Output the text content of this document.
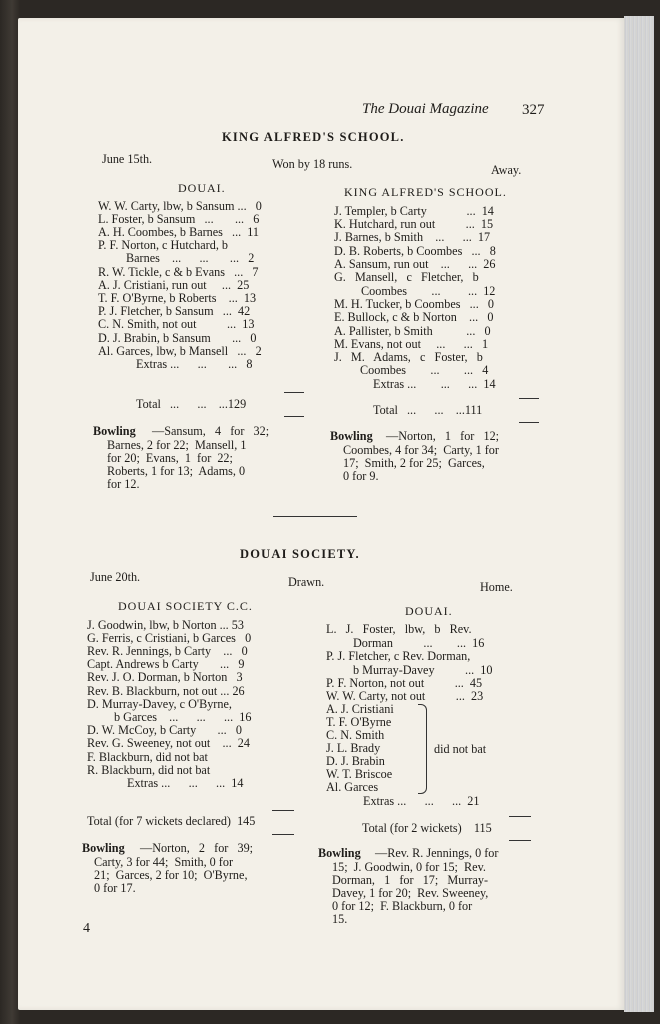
The Douai Magazine 327
KING ALFRED'S SCHOOL.
June 15th.	Won by 18 runs.	Away.
DOUAI.
W. W. Carty, lbw, b Sansum ...   0
L. Foster, b Sansum   ...       ...   6
A. H. Coombes, b Barnes   ...  11
P. F. Norton, c Hutchard, b
Barnes    ...      ...       ...   2
R. W. Tickle, c & b Evans   ...   7
A. J. Cristiani, run out     ...  25
T. F. O'Byrne, b Roberts    ...  13
P. J. Fletcher, b Sansum   ...  42
C. N. Smith, not out          ...  13
D. J. Brabin, b Sansum       ...   0
Al. Garces, lbw, b Mansell   ...   2
Extras ...      ...       ...   8
Total   ...      ...    ...129
Bowling —Sansum,   4   for   32;
Barnes, 2 for 22;  Mansell, 1
for 20;  Evans,  1  for  22;
Roberts, 1 for 13;  Adams, 0
for 12.
KING ALFRED'S SCHOOL.
J. Templer, b Carty             ...  14
K. Hutchard, run out          ...  15
J. Barnes, b Smith    ...      ...  17
D. B. Roberts, b Coombes   ...   8
A. Sansum, run out    ...      ...  26
G.   Mansell,   c   Fletcher,   b
Coombes        ...         ...  12
M. H. Tucker, b Coombes   ...   0
E. Bullock, c & b Norton    ...   0
A. Pallister, b Smith           ...   0
M. Evans, not out     ...      ...   1
J.   M.   Adams,   c   Foster,   b
Coombes        ...        ...   4
Extras ...        ...      ...  14
Total   ...      ...    ...111
Bowling —Norton,   1   for   12;
Coombes, 4 for 34;  Carty, 1 for
17;  Smith, 2 for 25;  Garces,
0 for 9.
DOUAI SOCIETY.
June 20th.	Drawn.	Home.
DOUAI SOCIETY C.C.
J. Goodwin, lbw, b Norton ... 53
G. Ferris, c Cristiani, b Garces   0
Rev. R. Jennings, b Carty    ...   0
Capt. Andrews b Carty       ...   9
Rev. J. O. Dorman, b Norton   3
Rev. B. Blackburn, not out ... 26
D. Murray-Davey, c O'Byrne,
b Garces    ...      ...      ...  16
D. W. McCoy, b Carty       ...   0
Rev. G. Sweeney, not out    ...  24
F. Blackburn, did not bat
R. Blackburn, did not bat
Extras ...      ...      ...  14
Total (for 7 wickets declared)  145
Bowling —Norton,   2   for   39;
Carty, 3 for 44;  Smith, 0 for
21;  Garces, 2 for 10;  O'Byrne,
0 for 17.
DOUAI.
L.   J.   Foster,   lbw,   b   Rev.
Dorman          ...        ...  16
P. J. Fletcher, c Rev. Dorman,
b Murray-Davey          ...  10
P. F. Norton, not out          ...  45
W. W. Carty, not out          ...  23
A. J. Cristiani
T. F. O'Byrne
C. N. Smith
J. L. Brady
D. J. Brabin
W. T. Briscoe
Al. Garces
did not bat
Extras ...      ...      ...  21
Total (for 2 wickets)    115
Bowling —Rev. R. Jennings, 0 for
15;  J. Goodwin, 0 for 15;  Rev.
Dorman,   1   for   17;   Murray-
Davey, 1 for 20;  Rev. Sweeney,
0 for 12;  F. Blackburn, 0 for
15.
4
